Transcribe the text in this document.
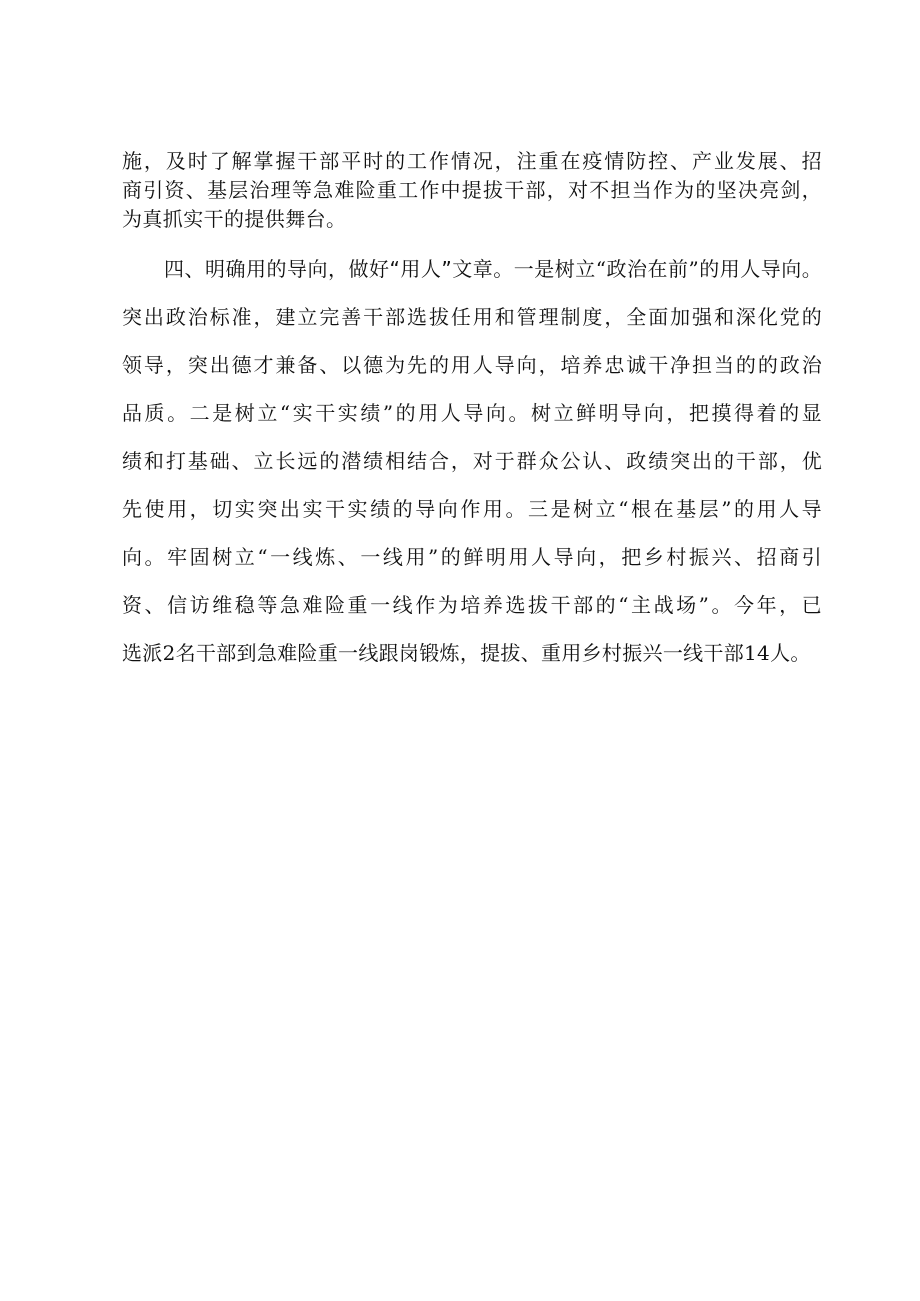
施，及时了解掌握干部平时的工作情况，注重在疫情防控、产业发展、招
商引资、基层治理等急难险重工作中提拔干部，对不担当作为的坚决亮剑，
为真抓实干的提供舞台。
四、明确用的导向，做好“用人”文章。一是树立“政治在前”的用人导向。
突出政治标准，建立完善干部选拔任用和管理制度，全面加强和深化党的
领导，突出德才兼备、以德为先的用人导向，培养忠诚干净担当的的政治
品质。二是树立“实干实绩”的用人导向。树立鲜明导向，把摸得着的显
绩和打基础、立长远的潜绩相结合，对于群众公认、政绩突出的干部，优
先使用，切实突出实干实绩的导向作用。三是树立“根在基层”的用人导
向。牢固树立“一线炼、一线用”的鲜明用人导向，把乡村振兴、招商引
资、信访维稳等急难险重一线作为培养选拔干部的“主战场”。今年，已
选派2名干部到急难险重一线跟岗锻炼，提拔、重用乡村振兴一线干部14人。
